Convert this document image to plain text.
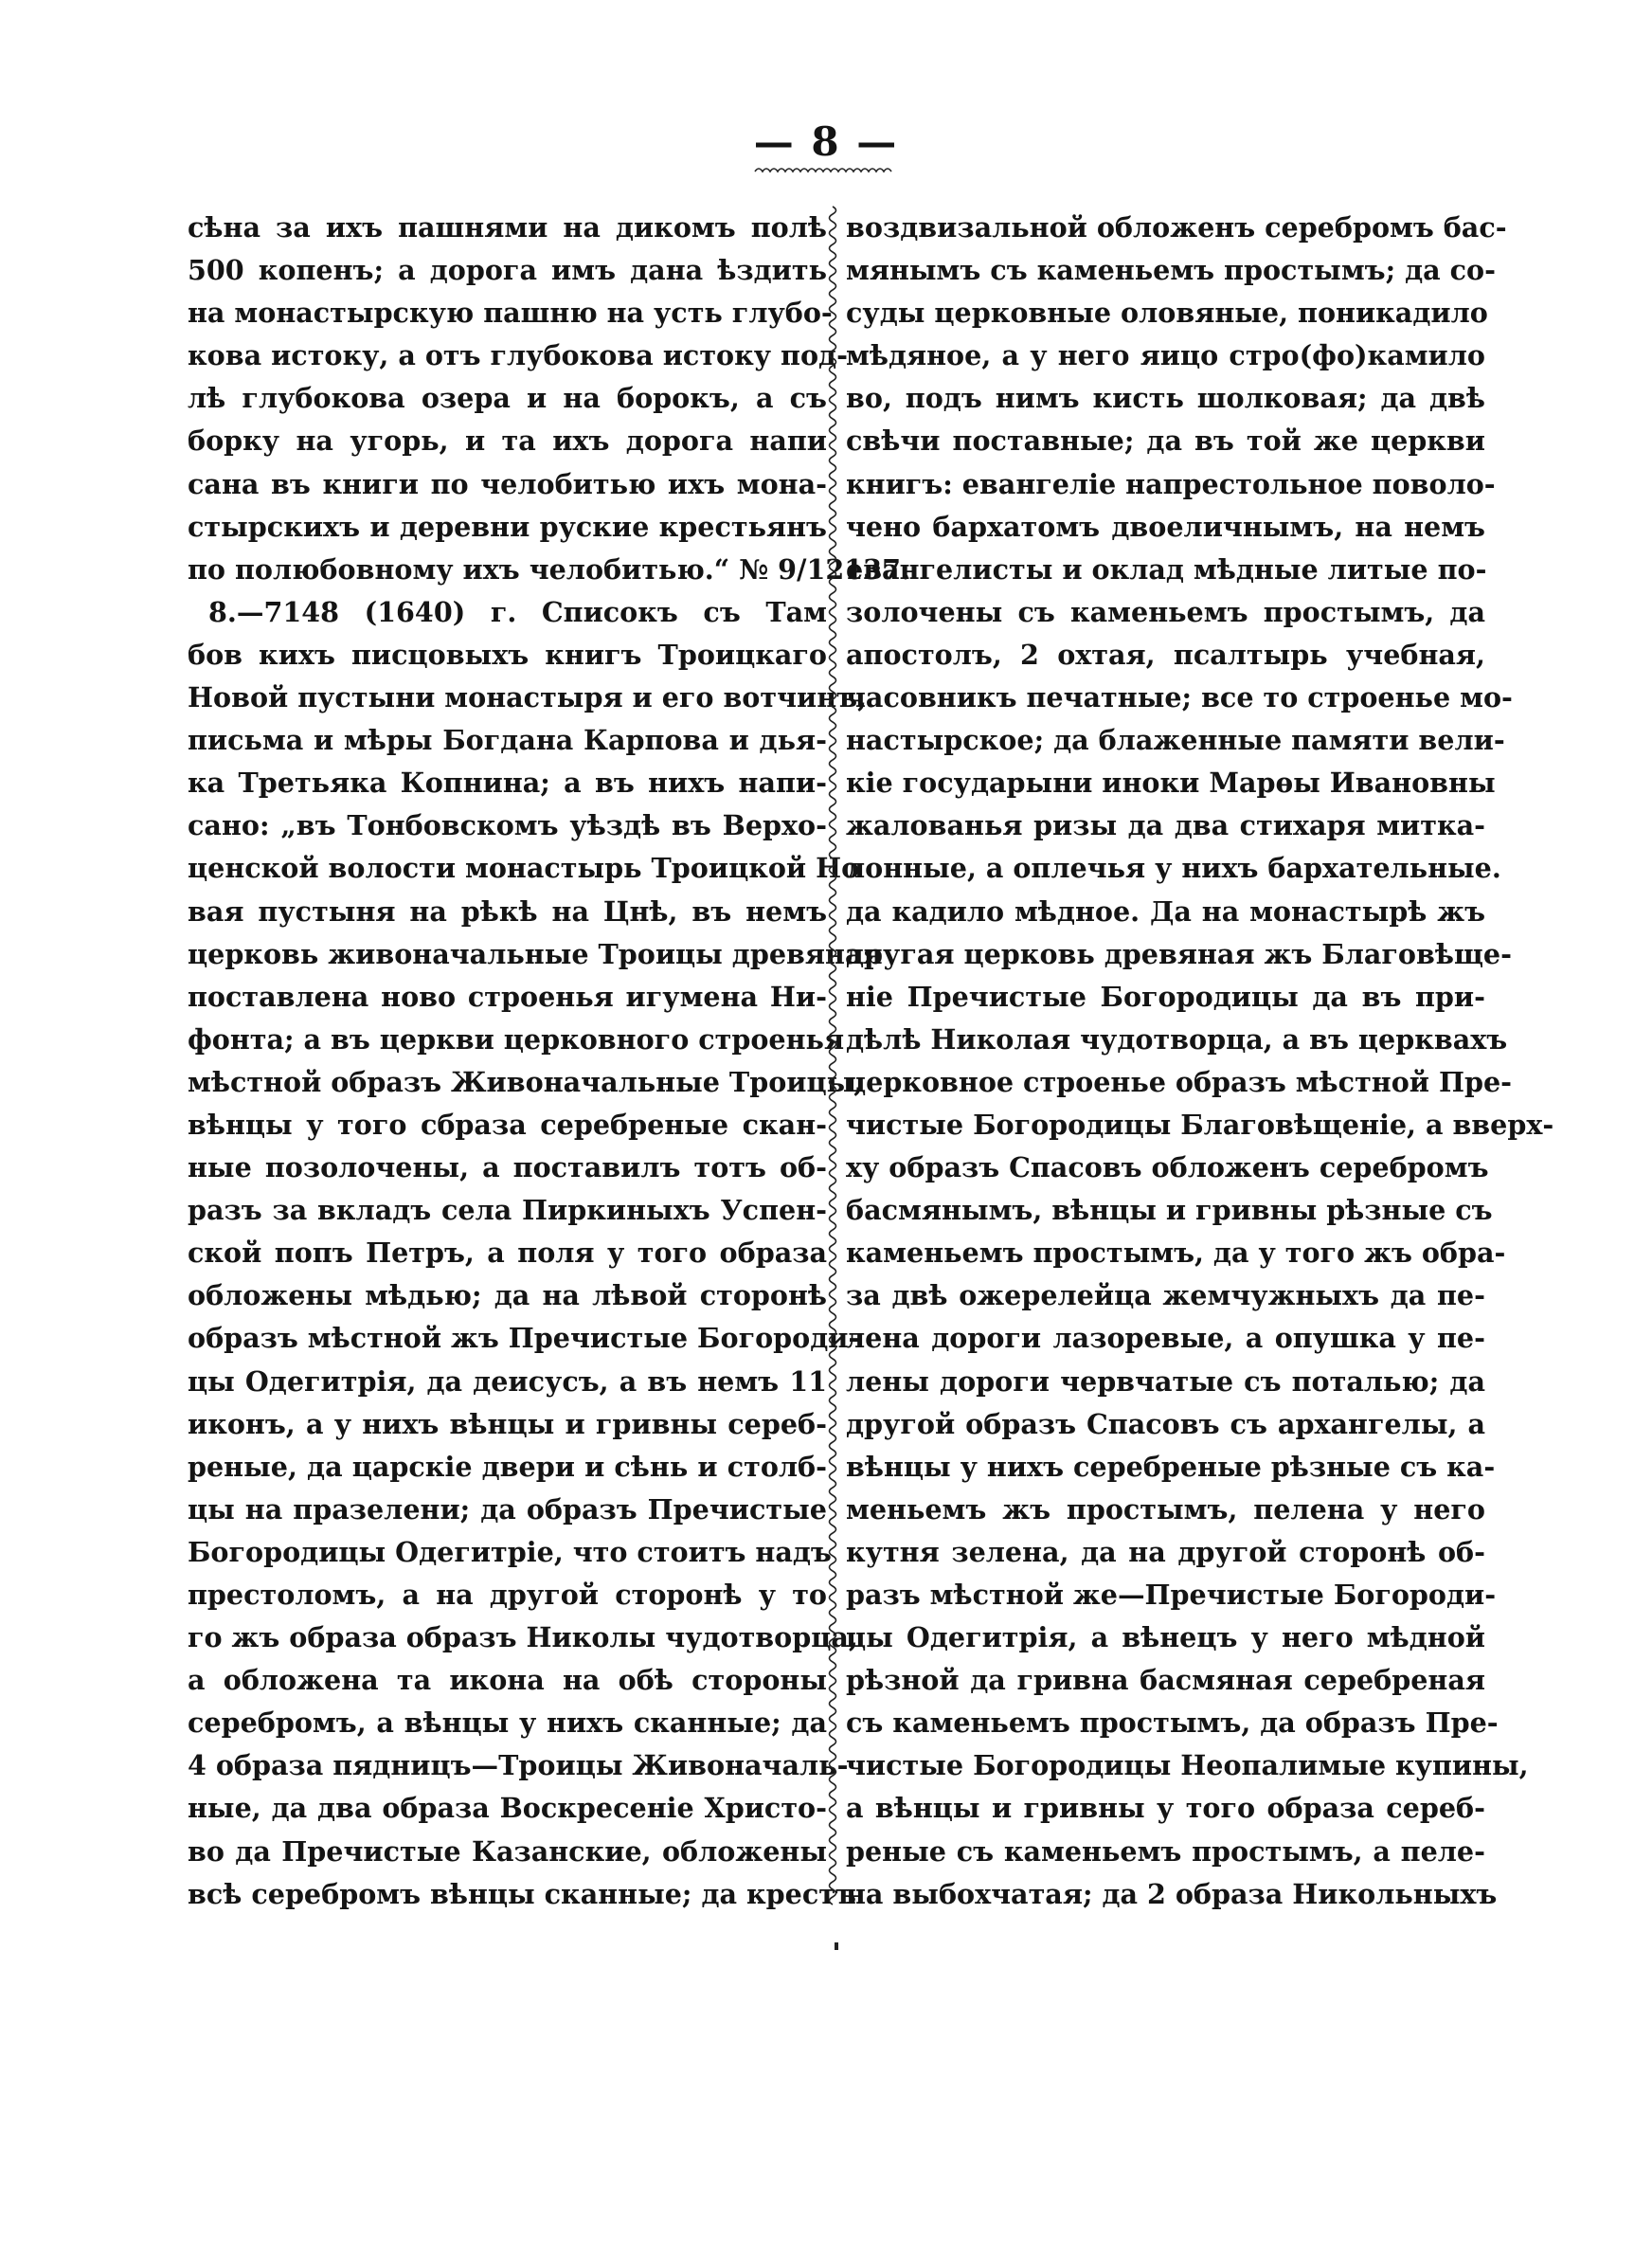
— 8 —
сѣна за ихъ пашнями на дикомъ полѣ
500 копенъ; а дорога имъ дана ѣздить
на монастырскую пашню на усть глубо-
кова истоку, а отъ глубокова истоку под-
лѣ глубокова озера и на борокъ, а съ
борку на угорь, и та ихъ дорога напи
сана въ книги по челобитью ихъ мона-
стырскихъ и деревни руские крестьянъ
по полюбовному ихъ челобитью.“ № 9/12137.
8.—7148 (1640) г. Списокъ съ Там
бов кихъ писцовыхъ книгъ Троицкаго
Новой пустыни монастыря и его вотчинъ,
письма и мѣры Богдана Карпова и дья-
ка Третьяка Копнина; а въ нихъ напи-
сано: „въ Тонбовскомъ уѣздѣ въ Верхо-
ценской волости монастырь Троицкой Но
вая пустыня на рѣкѣ на Цнѣ, въ немъ
церковь живоначальные Троицы древяная
поставлена ново строенья игумена Ни-
фонта; а въ церкви церковного строенья
мѣстной образъ Живоначальные Троицы,
вѣнцы у того сбраза серебреные скан-
ные позолочены, а поставилъ тотъ об-
разъ за вкладъ села Пиркиныхъ Успен-
ской попъ Петръ, а поля у того образа
обложены мѣдью; да на лѣвой сторонѣ
образъ мѣстной жъ Пречистые Богороди-
цы Одегитрія, да деисусъ, а въ немъ 11
иконъ, а у нихъ вѣнцы и гривны сереб-
реные, да царскіе двери и сѣнь и столб-
цы на празелени; да образъ Пречистые
Богородицы Одегитріе, что стоитъ надъ
престоломъ, а на другой сторонѣ у то
го жъ образа образъ Николы чудотворца,
а обложена та икона на обѣ стороны
серебромъ, а вѣнцы у нихъ сканные; да
4 образа пядницъ—Троицы Живоначаль-
ные, да два образа Воскресеніе Христо-
во да Пречистые Казанские, обложены
всѣ серебромъ вѣнцы сканные; да крестъ
воздвизальной обложенъ серебромъ бас-
мянымъ съ каменьемъ простымъ; да со-
суды церковные оловяные, поникадило
мѣдяное, а у него яицо стро(фо)камило
во, подъ нимъ кисть шолковая; да двѣ
свѣчи поставные; да въ той же церкви
книгъ: евангеліе напрестольное поволо-
чено бархатомъ двоеличнымъ, на немъ
евангелисты и оклад мѣдные литые по-
золочены съ каменьемъ простымъ, да
апостолъ, 2 охтая, псалтырь учебная,
часовникъ печатные; все то строенье мо-
настырское; да блаженные памяти вели-
кіе государыни иноки Марѳы Ивановны
жалованья ризы да два стихаря митка-
лонные, а оплечья у нихъ бархательные.
да кадило мѣдное. Да на монастырѣ жъ
другая церковь древяная жъ Благовѣще-
ніе Пречистые Богородицы да въ при-
дѣлѣ Николая чудотворца, а въ церквахъ
церковное строенье образъ мѣстной Пре-
чистые Богородицы Благовѣщеніе, а вверх-
ху образъ Спасовъ обложенъ серебромъ
басмянымъ, вѣнцы и гривны рѣзные съ
каменьемъ простымъ, да у того жъ обра-
за двѣ ожерелейца жемчужныхъ да пе-
лена дороги лазоревые, а опушка у пе-
лены дороги червчатые съ поталью; да
другой образъ Спасовъ съ архангелы, а
вѣнцы у нихъ серебреные рѣзные съ ка-
меньемъ жъ простымъ, пелена у него
кутня зелена, да на другой сторонѣ об-
разъ мѣстной же—Пречистые Богороди-
цы Одегитрія, а вѣнецъ у него мѣдной
рѣзной да гривна басмяная серебреная
съ каменьемъ простымъ, да образъ Пре-
чистые Богородицы Неопалимые купины,
а вѣнцы и гривны у того образа сереб-
реные съ каменьемъ простымъ, а пеле-
на выбохчатая; да 2 образа Никольныхъ
